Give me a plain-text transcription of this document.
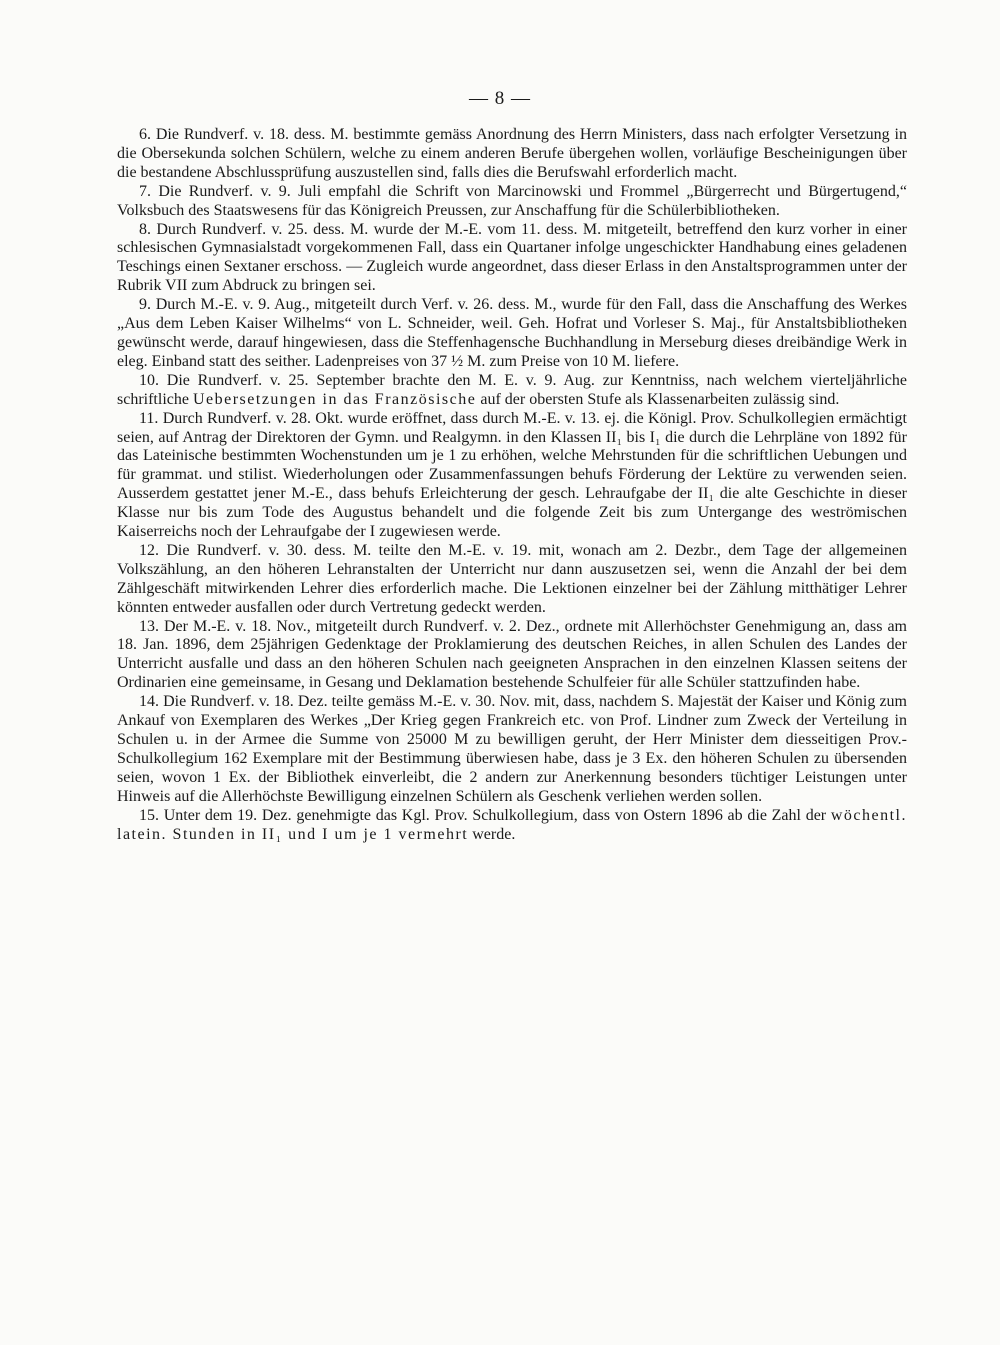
— 8 —

6. Die Rundverf. v. 18. dess. M. bestimmte gemäss Anordnung des Herrn Ministers, dass nach erfolgter Versetzung in die Obersekunda solchen Schülern, welche zu einem anderen Berufe übergehen wollen, vorläufige Bescheinigungen über die bestandene Abschlussprüfung auszustellen sind, falls dies die Berufswahl erforderlich macht.

7. Die Rundverf. v. 9. Juli empfahl die Schrift von Marcinowski und Frommel „Bürgerrecht und Bürgertugend,“ Volksbuch des Staatswesens für das Königreich Preussen, zur Anschaffung für die Schülerbibliotheken.

8. Durch Rundverf. v. 25. dess. M. wurde der M.-E. vom 11. dess. M. mitgeteilt, betreffend den kurz vorher in einer schlesischen Gymnasialstadt vorgekommenen Fall, dass ein Quartaner infolge ungeschickter Handhabung eines geladenen Teschings einen Sextaner erschoss. — Zugleich wurde angeordnet, dass dieser Erlass in den Anstaltsprogrammen unter der Rubrik VII zum Abdruck zu bringen sei.

9. Durch M.-E. v. 9. Aug., mitgeteilt durch Verf. v. 26. dess. M., wurde für den Fall, dass die Anschaffung des Werkes „Aus dem Leben Kaiser Wilhelms“ von L. Schneider, weil. Geh. Hofrat und Vorleser S. Maj., für Anstaltsbibliotheken gewünscht werde, darauf hingewiesen, dass die Steffenhagensche Buchhandlung in Merseburg dieses dreibändige Werk in eleg. Einband statt des seither. Ladenpreises von 37 ½ M. zum Preise von 10 M. liefere.

10. Die Rundverf. v. 25. September brachte den M. E. v. 9. Aug. zur Kenntniss, nach welchem vierteljährliche schriftliche Uebersetzungen in das Französische auf der obersten Stufe als Klassenarbeiten zulässig sind.

11. Durch Rundverf. v. 28. Okt. wurde eröffnet, dass durch M.-E. v. 13. ej. die Königl. Prov. Schulkollegien ermächtigt seien, auf Antrag der Direktoren der Gymn. und Realgymn. in den Klassen II₁ bis I₁ die durch die Lehrpläne von 1892 für das Lateinische bestimmten Wochenstunden um je 1 zu erhöhen, welche Mehrstunden für die schriftlichen Uebungen und für grammat. und stilist. Wiederholungen oder Zusammenfassungen behufs Förderung der Lektüre zu verwenden seien. Ausserdem gestattet jener M.-E., dass behufs Erleichterung der gesch. Lehraufgabe der II₁ die alte Geschichte in dieser Klasse nur bis zum Tode des Augustus behandelt und die folgende Zeit bis zum Untergange des weströmischen Kaiserreichs noch der Lehraufgabe der I zugewiesen werde.

12. Die Rundverf. v. 30. dess. M. teilte den M.-E. v. 19. mit, wonach am 2. Dezbr., dem Tage der allgemeinen Volkszählung, an den höheren Lehranstalten der Unterricht nur dann auszusetzen sei, wenn die Anzahl der bei dem Zählgeschäft mitwirkenden Lehrer dies erforderlich mache. Die Lektionen einzelner bei der Zählung mitthätiger Lehrer könnten entweder ausfallen oder durch Vertretung gedeckt werden.

13. Der M.-E. v. 18. Nov., mitgeteilt durch Rundverf. v. 2. Dez., ordnete mit Allerhöchster Genehmigung an, dass am 18. Jan. 1896, dem 25jährigen Gedenktage der Proklamierung des deutschen Reiches, in allen Schulen des Landes der Unterricht ausfalle und dass an den höheren Schulen nach geeigneten Ansprachen in den einzelnen Klassen seitens der Ordinarien eine gemeinsame, in Gesang und Deklamation bestehende Schulfeier für alle Schüler stattzufinden habe.

14. Die Rundverf. v. 18. Dez. teilte gemäss M.-E. v. 30. Nov. mit, dass, nachdem S. Majestät der Kaiser und König zum Ankauf von Exemplaren des Werkes „Der Krieg gegen Frankreich etc. von Prof. Lindner zum Zweck der Verteilung in Schulen u. in der Armee die Summe von 25000 M zu bewilligen geruht, der Herr Minister dem diesseitigen Prov.-Schulkollegium 162 Exemplare mit der Bestimmung überwiesen habe, dass je 3 Ex. den höheren Schulen zu übersenden seien, wovon 1 Ex. der Bibliothek einverleibt, die 2 andern zur Anerkennung besonders tüchtiger Leistungen unter Hinweis auf die Allerhöchste Bewilligung einzelnen Schülern als Geschenk verliehen werden sollen.

15. Unter dem 19. Dez. genehmigte das Kgl. Prov. Schulkollegium, dass von Ostern 1896 ab die Zahl der wöchentl. latein. Stunden in II₁ und I um je 1 vermehrt werde.
